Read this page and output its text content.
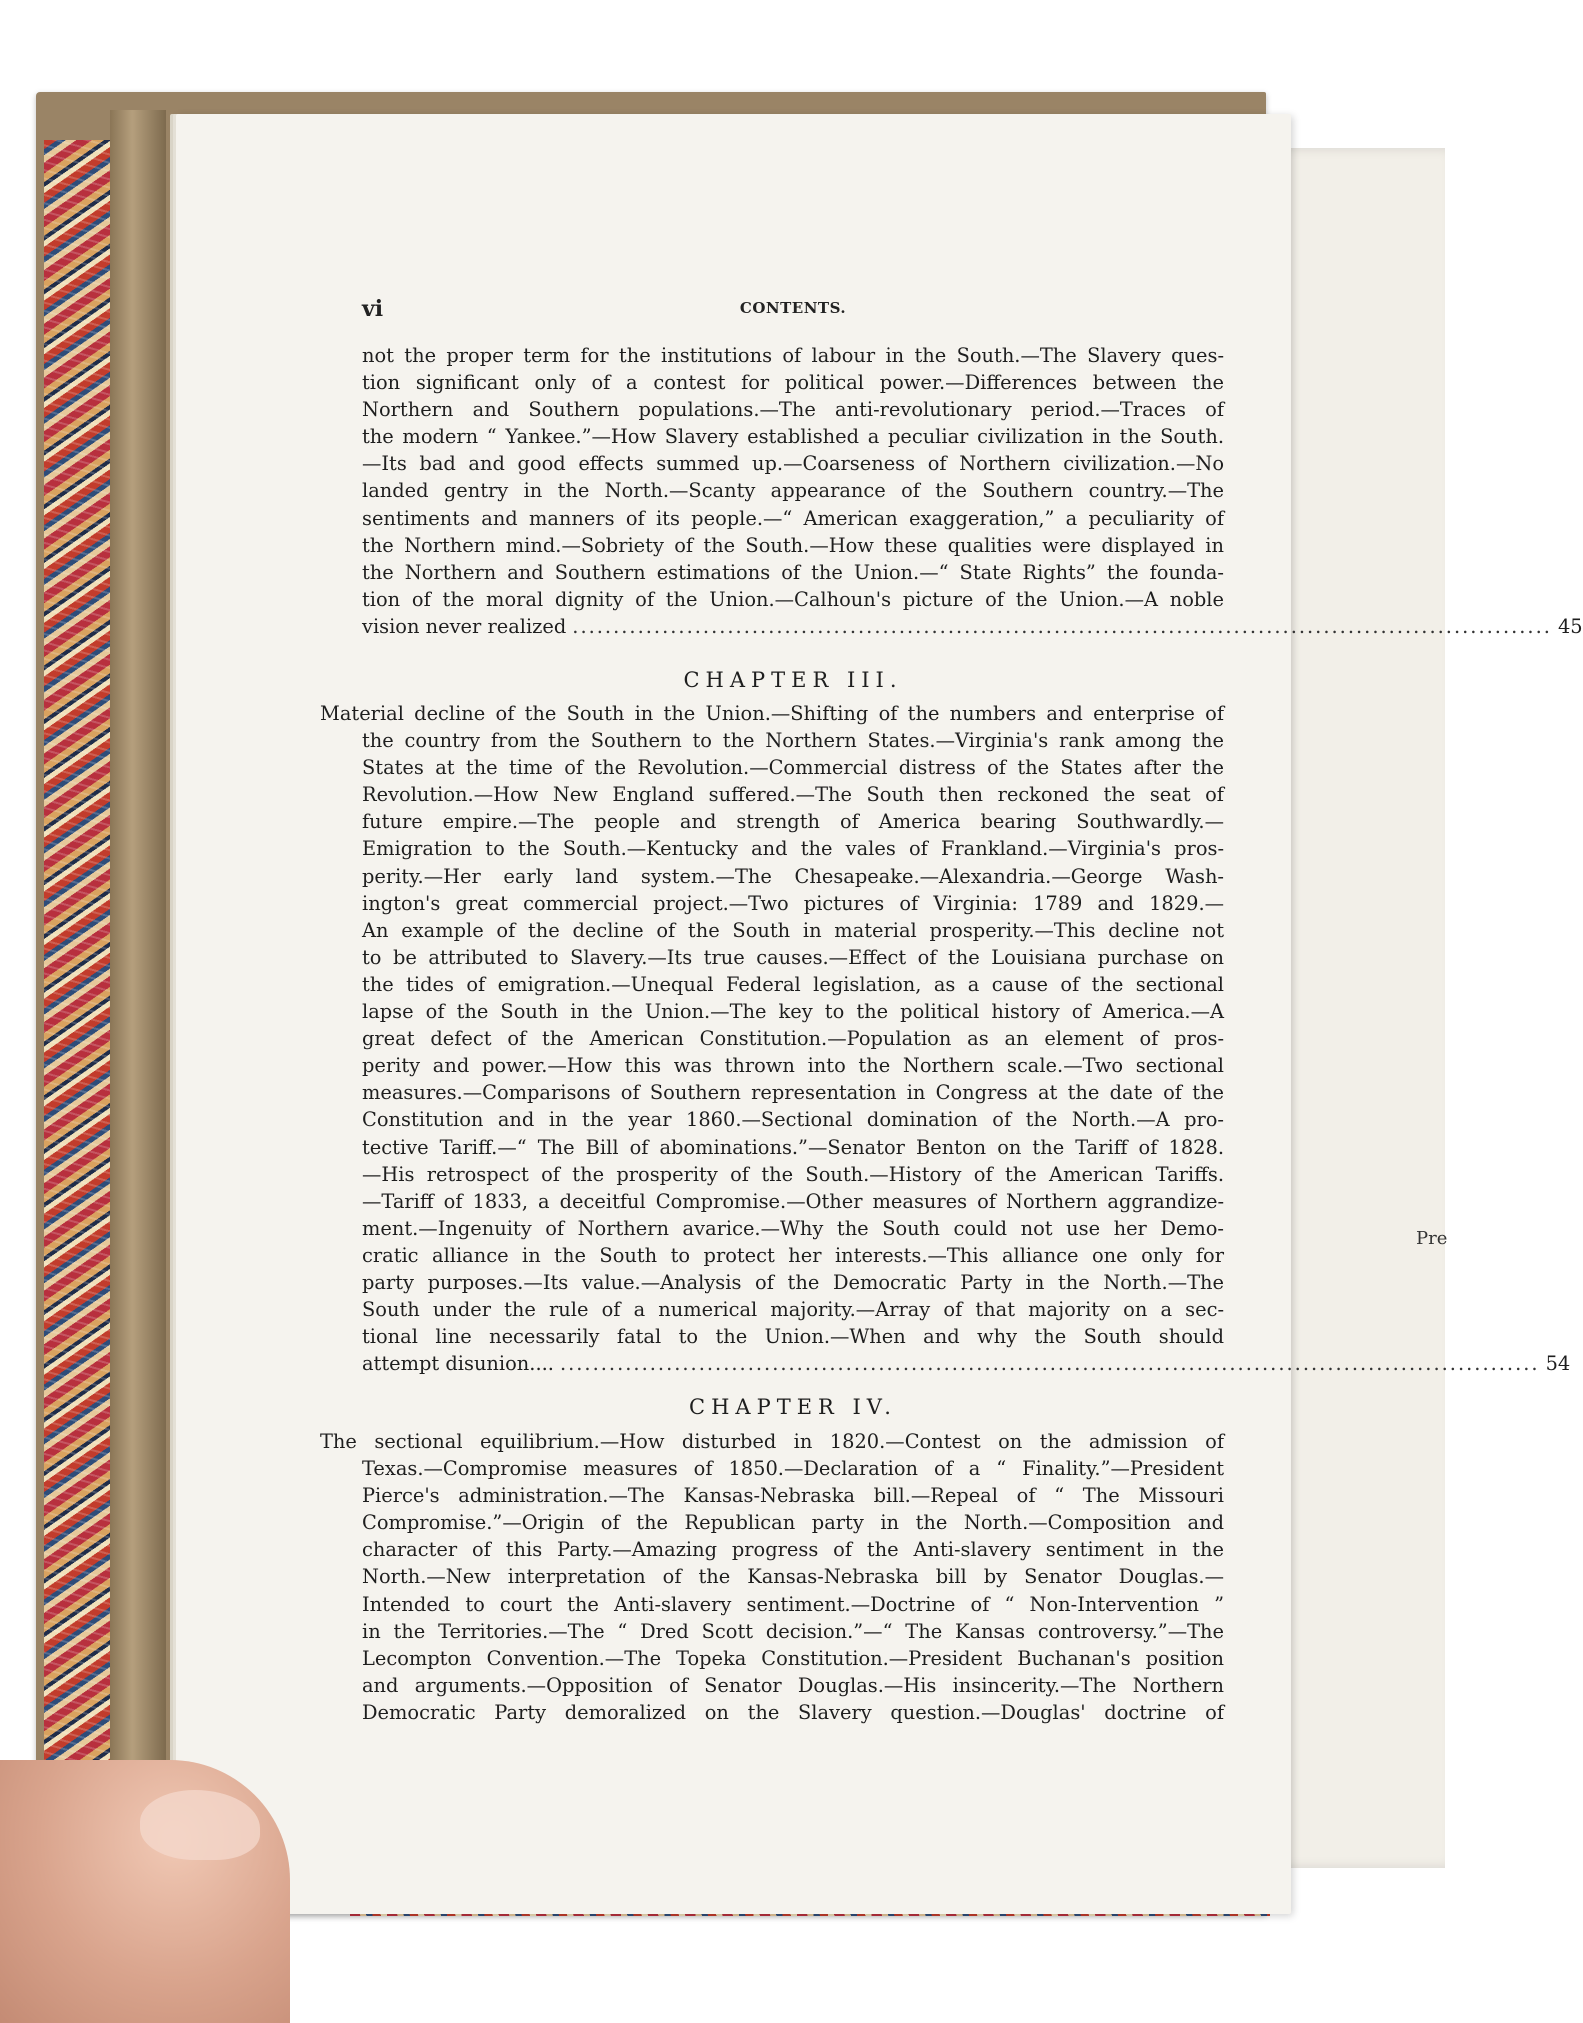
Pre
vi	CONTENTS.
not the proper term for the institutions of labour in the South.—The Slavery ques-
tion significant only of a contest for political power.—Differences between the
Northern and Southern populations.—The anti-revolutionary period.—Traces of
the modern “ Yankee.”—How Slavery established a peculiar civilization in the South.
—Its bad and good effects summed up.—Coarseness of Northern civilization.—No
landed gentry in the North.—Scanty appearance of the Southern country.—The
sentiments and manners of its people.—“ American exaggeration,” a peculiarity of
the Northern mind.—Sobriety of the South.—How these qualities were displayed in
the Northern and Southern estimations of the Union.—“ State Rights” the founda-
tion of the moral dignity of the Union.—Calhoun's picture of the Union.—A noble
vision never realized ........................................................................................................................ 45
CHAPTER III.
Material decline of the South in the Union.—Shifting of the numbers and enterprise of
the country from the Southern to the Northern States.—Virginia's rank among the
States at the time of the Revolution.—Commercial distress of the States after the
Revolution.—How New England suffered.—The South then reckoned the seat of
future empire.—The people and strength of America bearing Southwardly.—
Emigration to the South.—Kentucky and the vales of Frankland.—Virginia's pros-
perity.—Her early land system.—The Chesapeake.—Alexandria.—George Wash-
ington's great commercial project.—Two pictures of Virginia: 1789 and 1829.—
An example of the decline of the South in material prosperity.—This decline not
to be attributed to Slavery.—Its true causes.—Effect of the Louisiana purchase on
the tides of emigration.—Unequal Federal legislation, as a cause of the sectional
lapse of the South in the Union.—The key to the political history of America.—A
great defect of the American Constitution.—Population as an element of pros-
perity and power.—How this was thrown into the Northern scale.—Two sectional
measures.—Comparisons of Southern representation in Congress at the date of the
Constitution and in the year 1860.—Sectional domination of the North.—A pro-
tective Tariff.—“ The Bill of abominations.”—Senator Benton on the Tariff of 1828.
—His retrospect of the prosperity of the South.—History of the American Tariffs.
—Tariff of 1833, a deceitful Compromise.—Other measures of Northern aggrandize-
ment.—Ingenuity of Northern avarice.—Why the South could not use her Demo-
cratic alliance in the South to protect her interests.—This alliance one only for
party purposes.—Its value.—Analysis of the Democratic Party in the North.—The
South under the rule of a numerical majority.—Array of that majority on a sec-
tional line necessarily fatal to the Union.—When and why the South should
attempt disunion.... ........................................................................................................................ 54
CHAPTER IV.
The sectional equilibrium.—How disturbed in 1820.—Contest on the admission of
Texas.—Compromise measures of 1850.—Declaration of a “ Finality.”—President
Pierce's administration.—The Kansas-Nebraska bill.—Repeal of “ The Missouri
Compromise.”—Origin of the Republican party in the North.—Composition and
character of this Party.—Amazing progress of the Anti-slavery sentiment in the
North.—New interpretation of the Kansas-Nebraska bill by Senator Douglas.—
Intended to court the Anti-slavery sentiment.—Doctrine of “ Non-Intervention ”
in the Territories.—The “ Dred Scott decision.”—“ The Kansas controversy.”—The
Lecompton Convention.—The Topeka Constitution.—President Buchanan's position
and arguments.—Opposition of Senator Douglas.—His insincerity.—The Northern
Democratic Party demoralized on the Slavery question.—Douglas' doctrine of
